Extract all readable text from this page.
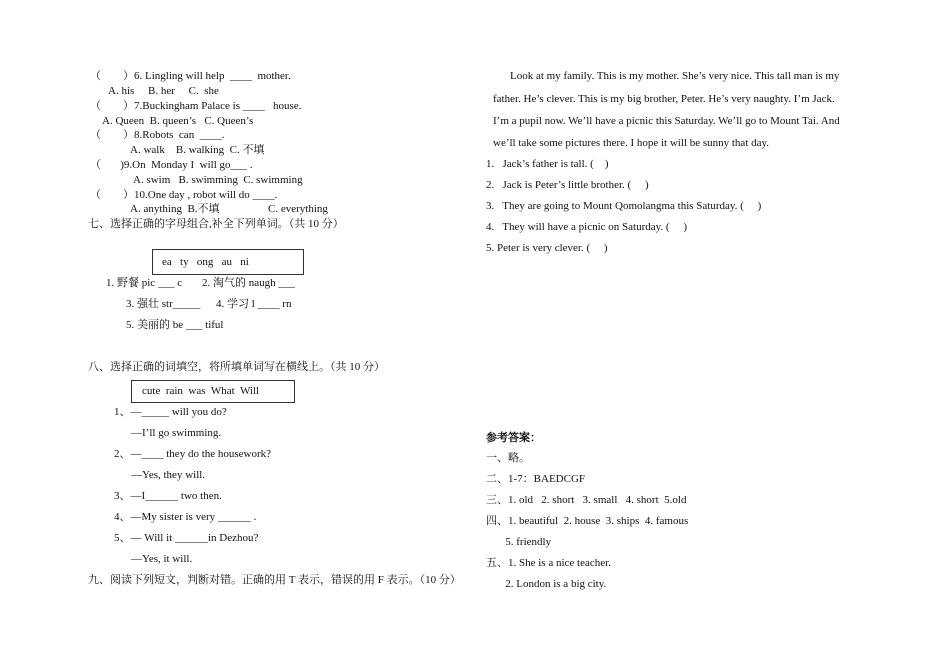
（        ）6. Lingling will help  ____  mother.
A. his     B. her     C.  she
（        ）7.Buckingham Palace is ____   house.
A. Queen  B. queen’s   C. Queen’s
（        ）8.Robots  can  ____.
A. walk    B. walking  C. 不填
（       )9.On  Monday I  will go___ .
A. swim   B. swimming  C. swimming
（        ）10.One day , robot will do ____.
A. anything  B.不填	C. everything
七、选择正确的字母组合,补全下列单词。（共 10 分）
ea   ty   ong   au   ni
1. 野餐 pic ___ c 2. 淘气的 naugh ___
3. 强壮 str_____ 4. 学习 l ____ rn
5. 美丽的 be ___ tiful
八、选择正确的词填空，将所填单词写在横线上。（共 10 分）
cute  rain  was  What  Will
1、—_____ will you do?
—I’ll go swimming.
2、—____ they do the housework?
—Yes, they will.
3、—I______ two then.
4、—My sister is very ______ .
5、— Will it ______in Dezhou?
—Yes, it will.
九、阅读下列短文，判断对错。正确的用 T 表示，错误的用 F 表示。（10 分）
Look at my family. This is my mother. She’s very nice. This tall man is my
father. He’s clever. This is my big brother, Peter. He’s very naughty. I’m Jack.
I’m a pupil now. We’ll have a picnic this Saturday. We’ll go to Mount Tai. And
we’ll take some pictures there. I hope it will be sunny that day.
1.   Jack’s father is tall. (    )
2.   Jack is Peter’s little brother. (     )
3.   They are going to Mount Qomolangma this Saturday. (     )
4.   They will have a picnic on Saturday. (     )
5. Peter is very clever. (     )
参考答案：
一、略。
二、1-7：BAEDCGF
三、1. old   2. short   3. small   4. short  5.old
四、1. beautiful  2. house  3. ships  4. famous
5. friendly
五、1. She is a nice teacher.
2. London is a big city.
